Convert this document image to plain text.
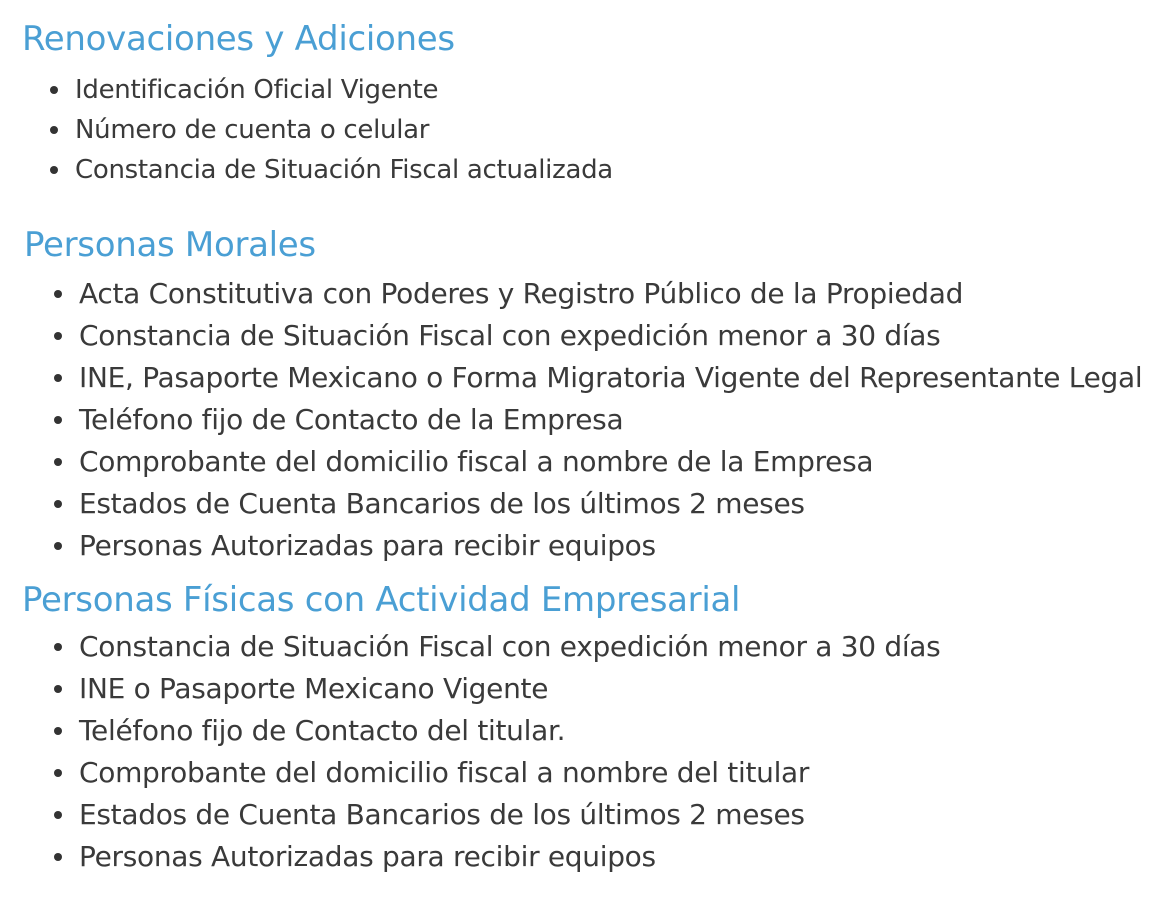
Renovaciones y Adiciones
Identificación Oficial Vigente
Número de cuenta o celular
Constancia de Situación Fiscal actualizada
Personas Morales
Acta Constitutiva con Poderes y Registro Público de la Propiedad
Constancia de Situación Fiscal con expedición menor a 30 días
INE, Pasaporte Mexicano o Forma Migratoria Vigente del Representante Legal
Teléfono fijo de Contacto de la Empresa
Comprobante del domicilio fiscal a nombre de la Empresa
Estados de Cuenta Bancarios de los últimos 2 meses
Personas Autorizadas para recibir equipos
Personas Físicas con Actividad Empresarial
Constancia de Situación Fiscal con expedición menor a 30 días
INE o Pasaporte Mexicano Vigente
Teléfono fijo de Contacto del titular.
Comprobante del domicilio fiscal a nombre del titular
Estados de Cuenta Bancarios de los últimos 2 meses
Personas Autorizadas para recibir equipos
